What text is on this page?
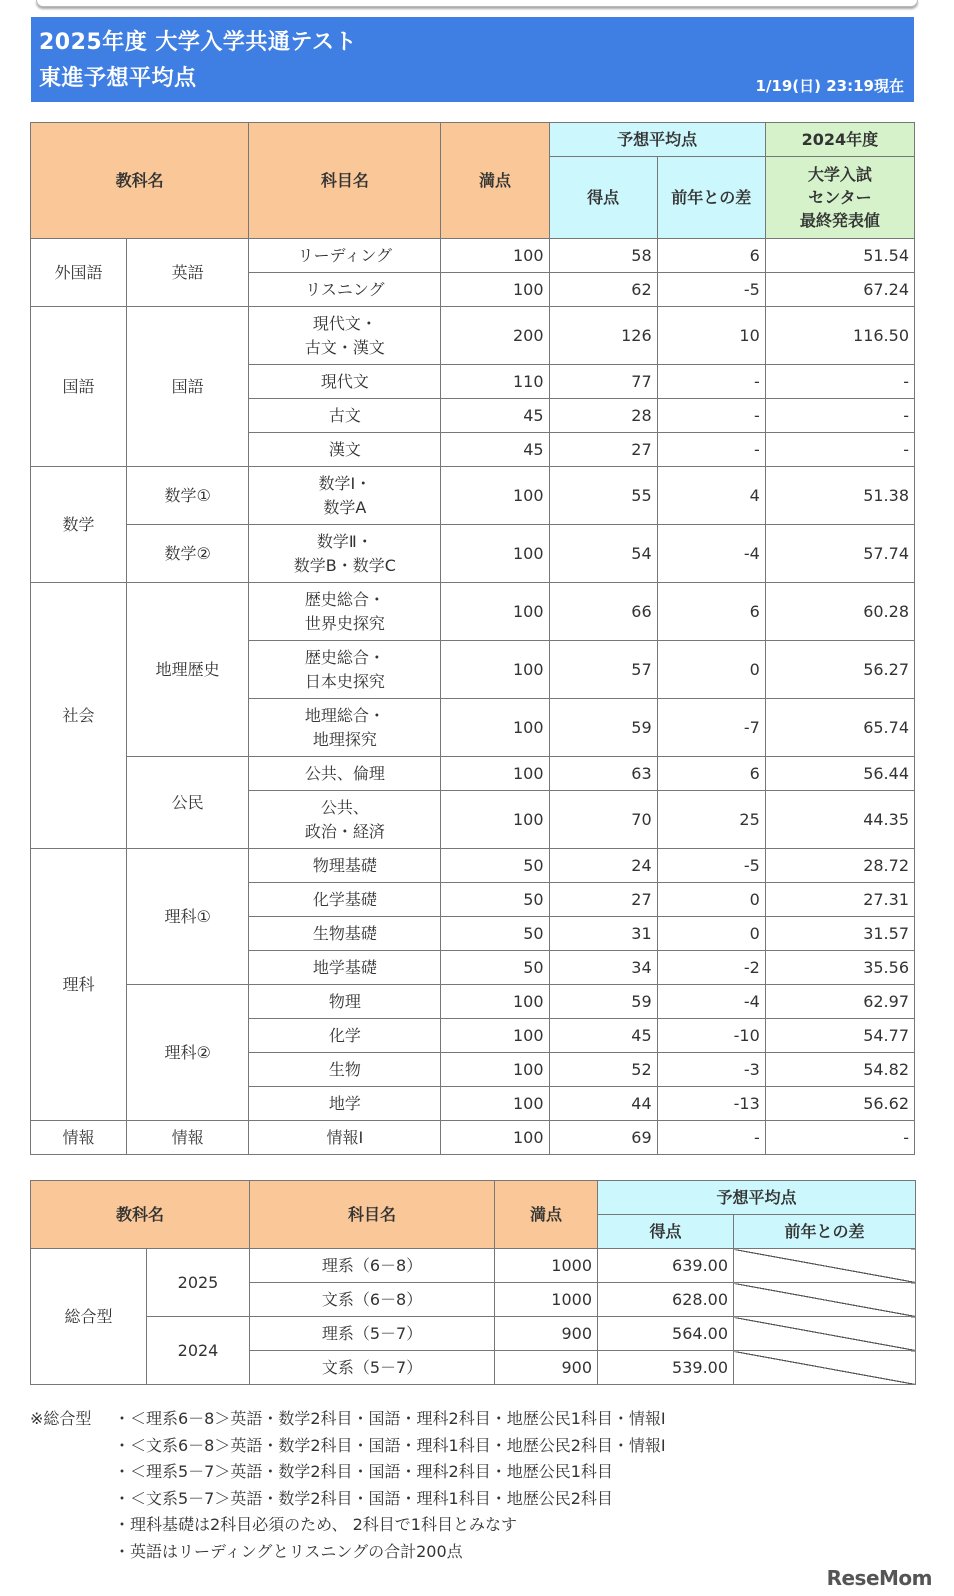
2025年度 大学入学共通テスト
東進予想平均点	1/19(日) 23:19現在
教科名		科目名	満点	予想平均点		2024年度
				得点	前年との差	大学入試
センター
最終発表値

外国語	英語	リーディング	100	58	6	51.54

		リスニング	100	62	-5	67.24
国語	国語	現代文・
古文・漢文	200	126	10	116.50

		現代文	110	77	-	-

		古文	45	28	-	-

		漢文	45	27	-	-
数学	数学①	数学Ⅰ・
数学A	100	55	4	51.38
	数学②	数学Ⅱ・
数学B・数学C	100	54	-4	57.74
社会	地理歴史	歴史総合・
世界史探究	100	66	6	60.28

		歴史総合・
日本史探究	100	57	0	56.27

		地理総合・
地理探究	100	59	-7	65.74
	公民	公共、倫理	100	63	6	56.44

		公共、
政治・経済	100	70	25	44.35
理科	理科①	物理基礎	50	24	-5	28.72

		化学基礎	50	27	0	27.31

		生物基礎	50	31	0	31.57

		地学基礎	50	34	-2	35.56
	理科②	物理	100	59	-4	62.97

		化学	100	45	-10	54.77

		生物	100	52	-3	54.82

		地学	100	44	-13	56.62
情報	情報	情報Ⅰ	100	69	-	-
教科名		科目名	満点	予想平均点	
				得点	前年との差
総合型	2025	理系（6－8）	1000	639.00	
		文系（6－8）	1000	628.00	
	2024	理系（5－7）	900	564.00	
		文系（5－7）	900	539.00	
※総合型	・＜理系6－8＞英語・数学2科目・国語・理科2科目・地歴公民1科目・情報Ⅰ
・＜文系6－8＞英語・数学2科目・国語・理科1科目・地歴公民2科目・情報Ⅰ
・＜理系5－7＞英語・数学2科目・国語・理科2科目・地歴公民1科目
・＜文系5－7＞英語・数学2科目・国語・理科1科目・地歴公民2科目
・理科基礎は2科目必須のため、 2科目で1科目とみなす
・英語はリーディングとリスニングの合計200点
ReseMom
